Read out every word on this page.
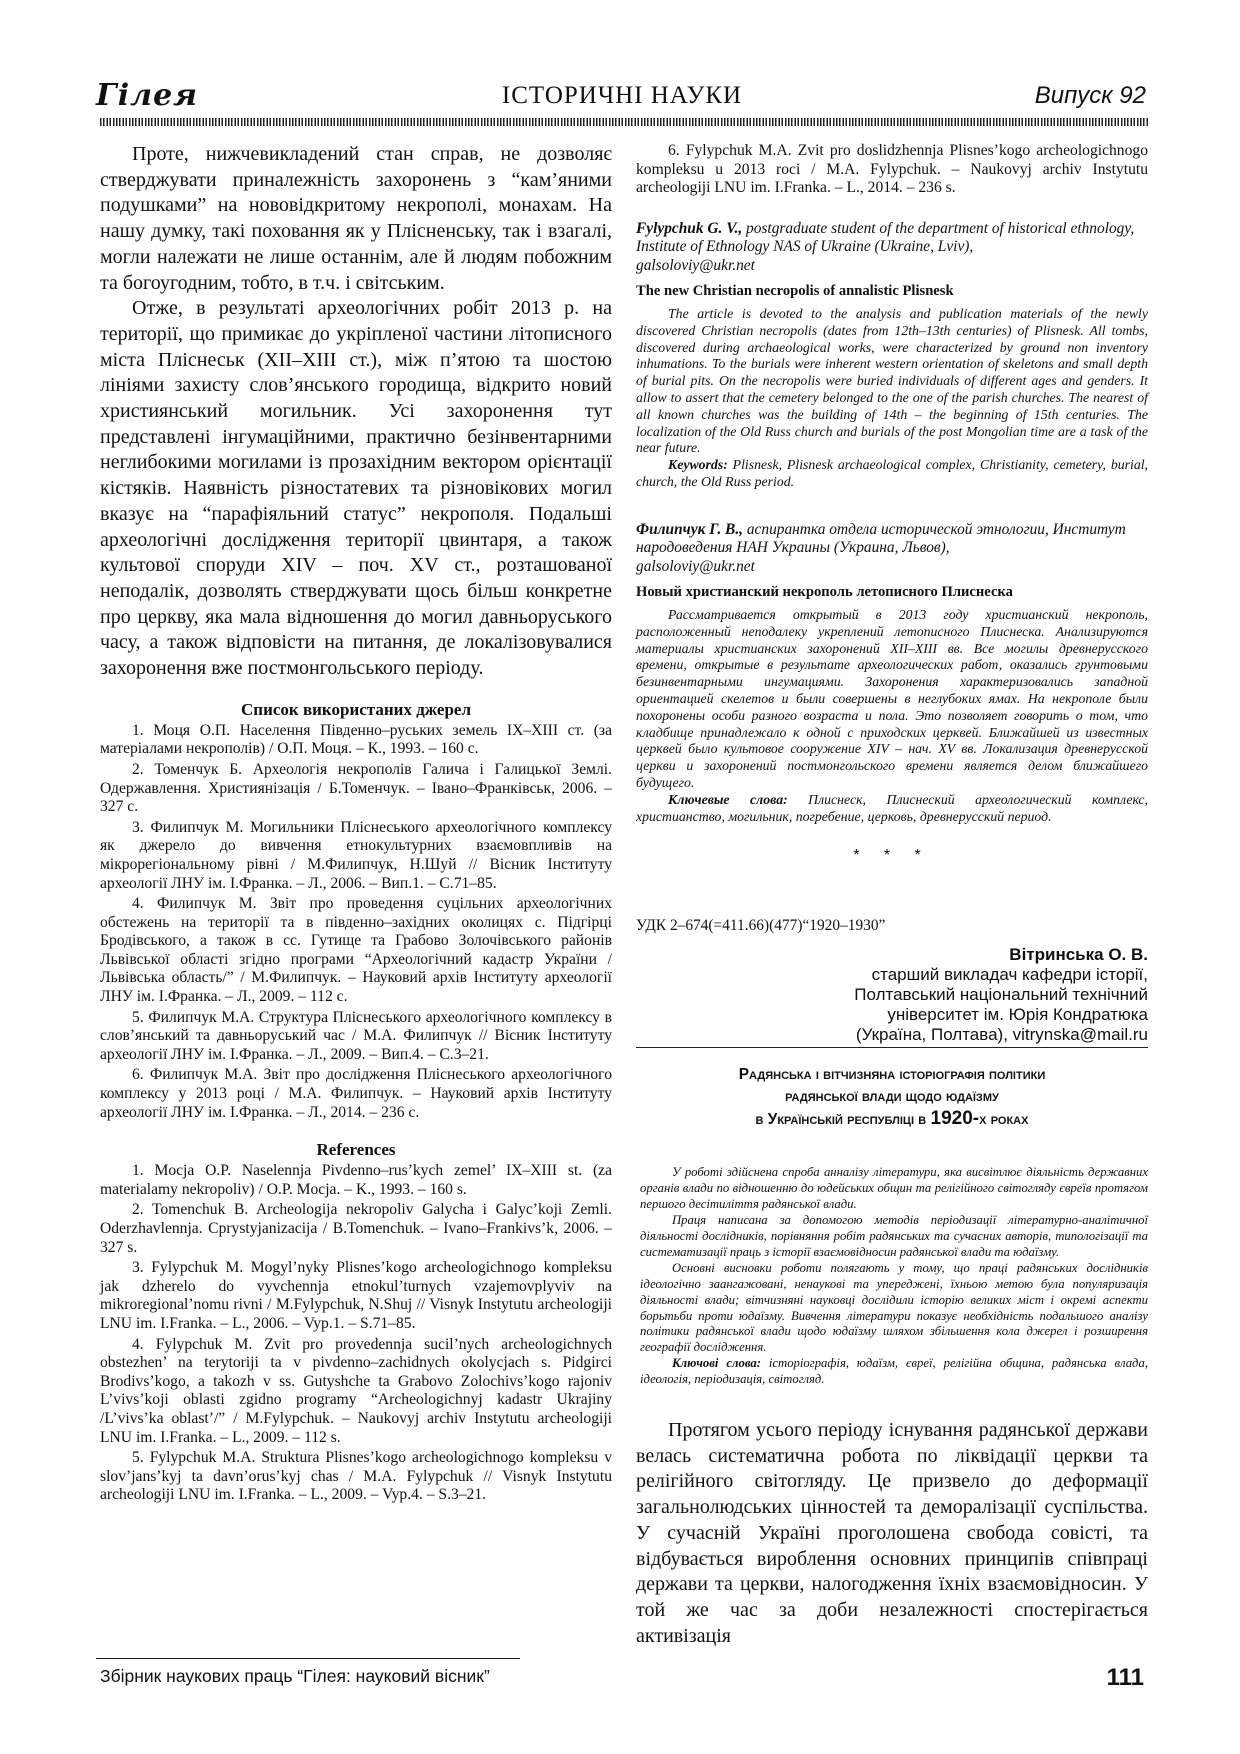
Гілея	ІСТОРИЧНІ НАУКИ	Випуск 92

Проте, нижчевикладений стан справ, не дозволяє стверджувати приналежність захоронень з “кам’яними подушками” на нововідкритому некрополі, монахам. На нашу думку, такі поховання як у Плісненську, так і взагалі, могли належати не лише останнім, але й людям побожним та богоугодним, тобто, в т.ч. і світським.

Отже, в результаті археологічних робіт 2013 р. на території, що примикає до укріпленої частини літописного міста Пліснеськ (XII–XIII ст.), між п’ятою та шостою лініями захисту слов’янського городища, відкрито новий християнський могильник. Усі захоронення тут представлені інгумаційними, практично безінвентарними неглибокими могилами із прозахідним вектором орієнтації кістяків. Наявність різностатевих та різновікових могил вказує на “парафіяльний статус” некрополя. Подальші археологічні дослідження території цвинтаря, а також культової споруди XIV – поч. XV ст., розташованої неподалік, дозволять стверджувати щось більш конкретне про церкву, яка мала відношення до могил давньоруського часу, а також відповісти на питання, де локалізовувалися захоронення вже постмонгольського періоду.

Список використаних джерел

1. Моця О.П. Населення Південно–руських земель IX–XIII ст. (за матеріалами некрополів) / О.П. Моця. – К., 1993. – 160 с.

2. Томенчук Б. Археологія некрополів Галича і Галицької Землі. Одержавлення. Християнізація / Б.Томенчук. – Івано–Франківськ, 2006. – 327 с.

3. Филипчук М. Могильники Пліснеського археологічного комплексу як джерело до вивчення етнокультурних взаємовпливів на мікрорегіональному рівні / М.Филипчук, Н.Шуй // Вісник Інституту археології ЛНУ ім. І.Франка. – Л., 2006. – Вип.1. – С.71–85.

4. Филипчук М. Звіт про проведення суцільних археологічних обстежень на території та в південно–західних околицях с. Підгірці Бродівського, а також в сс. Гутище та Грабово Золочівського районів Львівської області згідно програми “Археологічний кадастр України /Львівська область/” / М.Филипчук. – Науковий архів Інституту археології ЛНУ ім. І.Франка. – Л., 2009. – 112 с.

5. Филипчук М.А. Структура Пліснеського археологічного комплексу в слов’янський та давньоруський час / М.А. Филипчук // Вісник Інституту археології ЛНУ ім. І.Франка. – Л., 2009. – Вип.4. – С.3–21.

6. Филипчук М.А. Звіт про дослідження Пліснеського археологічного комплексу у 2013 році / М.А. Филипчук. – Науковий архів Інституту археології ЛНУ ім. І.Франка. – Л., 2014. – 236 с.

References

1. Mocja O.P. Naselennja Pivdenno–rus’kych zemel’ IX–XIII st. (za materialamy nekropoliv) / O.P. Mocja. – K., 1993. – 160 s.

2. Tomenchuk B. Archeologija nekropoliv Galycha i Galyc’koji Zemli. Oderzhavlennja. Cprystyjanizacija / B.Tomenchuk. – Ivano–Frankivs’k, 2006. – 327 s.

3. Fylypchuk M. Mogyl’nyky Plisnes’kogo archeologichnogo kompleksu jak dzherelo do vyvchennja etnokul’turnych vzajemovplyviv na mikroregional’nomu rivni / M.Fylypchuk, N.Shuj // Visnyk Instytutu archeologiji LNU im. I.Franka. – L., 2006. – Vyp.1. – S.71–85.

4. Fylypchuk M. Zvit pro provedennja sucil’nych archeologichnych obstezhen’ na terytoriji ta v pivdenno–zachidnych okolycjach s. Pidgirci Brodivs’kogo, a takozh v ss. Gutyshche ta Grabovo Zolochivs’kogo rajoniv L’vivs’koji oblasti zgidno programy “Archeologichnyj kadastr Ukrajiny /L’vivs’ka oblast’/” / M.Fylypchuk. – Naukovyj archiv Instytutu archeologiji LNU im. I.Franka. – L., 2009. – 112 s.

5. Fylypchuk M.A. Struktura Plisnes’kogo archeologichnogo kompleksu v slov’jans’kyj ta davn’orus’kyj chas / M.A. Fylypchuk // Visnyk Instytutu archeologiji LNU im. I.Franka. – L., 2009. – Vyp.4. – S.3–21.

6. Fylypchuk M.A. Zvit pro doslidzhennja Plisnes’kogo archeologichnogo kompleksu u 2013 roci / M.A. Fylypchuk. – Naukovyj archiv Instytutu archeologiji LNU im. I.Franka. – L., 2014. – 236 s.

Fylypchuk G. V., postgraduate student of the department of historical ethnology, Institute of Ethnology NAS of Ukraine (Ukraine, Lviv),
galsoloviy@ukr.net
The new Christian necropolis of annalistic Plisnesk

The article is devoted to the analysis and publication materials of the newly discovered Christian necropolis (dates from 12th–13th centuries) of Plisnesk. All tombs, discovered during archaeological works, were characterized by ground non inventory inhumations. To the burials were inherent western orientation of skeletons and small depth of burial pits. On the necropolis were buried individuals of different ages and genders. It allow to assert that the cemetery belonged to the one of the parish churches. The nearest of all known churches was the building of 14th – the beginning of 15th centuries. The localization of the Old Russ church and burials of the post Mongolian time are a task of the near future.

Keywords: Plisnesk, Plisnesk archaeological complex, Christianity, cemetery, burial, church, the Old Russ period.

Филипчук Г. В., аспирантка отдела исторической этнологии, Институт народоведения НАН Украины (Украина, Львов),
galsoloviy@ukr.net
Новый христианский некрополь летописного Плиснеска

Рассматривается открытый в 2013 году христианский некрополь, расположенный неподалеку укреплений летописного Плиснеска. Анализируются материалы христианских захоронений XII–XIII вв. Все могилы древнерусского времени, открытые в результате археологических работ, оказались грунтовыми безинвентарными ингумациями. Захоронения характеризовались западной ориентацией скелетов и были совершены в неглубоких ямах. На некрополе были похоронены особи разного возраста и пола. Это позволяет говорить о том, что кладбище принадлежало к одной с приходских церквей. Ближайшей из известных церквей было культовое сооружение XIV – нач. XV вв. Локализация древнерусской церкви и захоронений постмонгольского времени является делом ближайшего будущего.

Ключевые слова: Плиснеск, Плиснеский археологический комплекс, христианство, могильник, погребение, церковь, древнерусский период.

* * *
УДК 2–674(=411.66)(477)“1920–1930”
Вітринська О. В.
старший викладач кафедри історії,
Полтавський національний технічний
університет ім. Юрія Кондратюка
(Україна, Полтава), vitrynska@mail.ru
Радянська і вітчизняна історіографія політики
радянської влади щодо юдаїзму
в Українській республіці в 1920-х роках

У роботі здійснена спроба анналізу літератури, яка висвітлює діяльність державних органів влади по відношенню до юдейських общин та релігійного світогляду євреїв протягом першого десітиліття радянської влади.

Праця написана за допомогою методів періодизації літературно-аналітичної діяльності дослідників, порівняння робіт радянських та сучасних авторів, типологізації та систематизації праць з історії взаємовідносин радянської влади та юдаїзму.

Основні висновки роботи полягають у тому, що праці радянських дослідників ідеологічно заангажовані, ненаукові та упереджені, їхньою метою була популяризація діяльності влади; вітчизняні науковці дослідили історію великих міст і окремі аспекти борьтьби проти юдаїзму. Вивчення літератури показує необхідність подальшого аналізу політики радянської влади щодо юдаїзму шляхом збільшення кола джерел і розширення географії дослідження.

Ключові слова: історіографія, юдаїзм, євреї, релігійна община, радянська влада, ідеологія, періодизація, світогляд.

Протягом усього періоду існування радянської держави велась систематична робота по ліквідації церкви та релігійного світогляду. Це призвело до деформації загальнолюдських цінностей та деморалізації суспільства. У сучасній Україні проголошена свобода совісті, та відбувається вироблення основних принципів співпраці держави та церкви, налогодження їхніх взаємовідносин. У той же час за доби незалежності спостерігається активізація

Збірник наукових праць “Гілея: науковий вісник”	111
